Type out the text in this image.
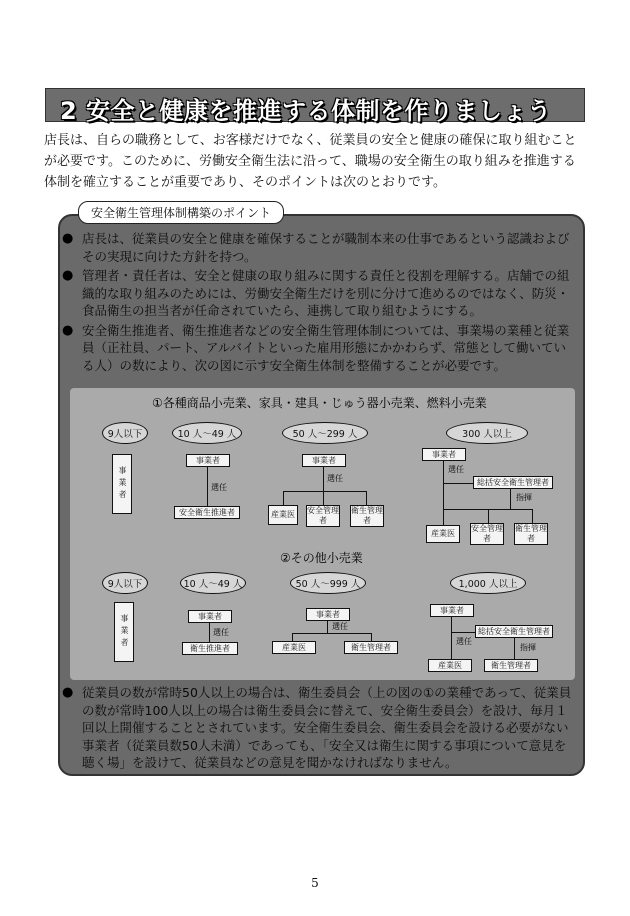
2 安全と健康を推進する体制を作りましょう
店長は、自らの職務として、お客様だけでなく、従業員の安全と健康の確保に取り組むことが必要です。このために、労働安全衛生法に沿って、職場の安全衛生の取り組みを推進する体制を確立することが重要であり、そのポイントは次のとおりです。
安全衛生管理体制構築のポイント
● 店長は、従業員の安全と健康を確保することが職制本来の仕事であるという認識およびその実現に向けた方針を持つ。

● 管理者・責任者は、安全と健康の取り組みに関する責任と役割を理解する。店舗での組織的な取り組みのためには、労働安全衛生だけを別に分けて進めるのではなく、防災・食品衛生の担当者が任命されていたら、連携して取り組むようにする。

● 安全衛生推進者、衛生推進者などの安全衛生管理体制については、事業場の業種と従業員（正社員、パート、アルバイトといった雇用形態にかかわらず、常態として働いている人）の数により、次の図に示す安全衛生体制を整備することが必要です。

①各種商品小売業、家具・建具・じゅう器小売業、燃料小売業
9人以下	10 人～49 人	50 人～299 人	300 人以上
事業者
事業者
選任
安全衛生推進者
事業者
選任
産業医	安全管理者
衛生管理者
事業者
選任
総括安全衛生管理者
指揮
産業医
安全管理者
衛生管理者
②その他小売業
9人以下	10 人～49 人	50 人～999 人	1,000 人以上
事業者	事業者
選任
衛生推進者
事業者
選任
産業医	衛生管理者
事業者
選任
総括安全衛生管理者
指揮
産業医	衛生管理者
● 従業員の数が常時50人以上の場合は、衛生委員会（上の図の①の業種であって、従業員の数が常時100人以上の場合は衛生委員会に替えて、安全衛生委員会）を設け、毎月１回以上開催することとされています。安全衛生委員会、衛生委員会を設ける必要がない事業者（従業員数50人未満）であっても、「安全又は衛生に関する事項について意見を聴く場」を設けて、従業員などの意見を聞かなければなりません。

5
